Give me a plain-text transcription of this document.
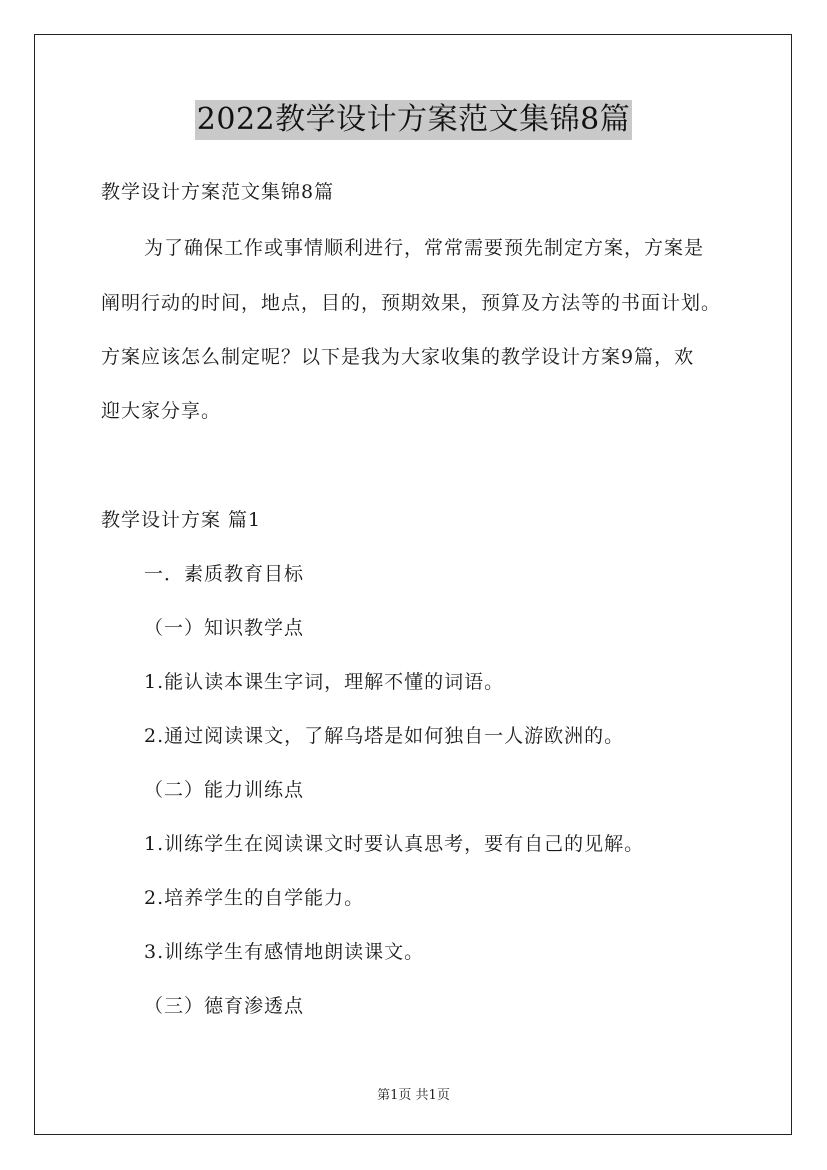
2022教学设计方案范文集锦8篇
教学设计方案范文集锦8篇
为了确保工作或事情顺利进行，常常需要预先制定方案，方案是
阐明行动的时间，地点，目的，预期效果，预算及方法等的书面计划。
方案应该怎么制定呢？以下是我为大家收集的教学设计方案9篇，欢
迎大家分享。
教学设计方案 篇1
一．素质教育目标
（一）知识教学点
1.能认读本课生字词，理解不懂的词语。
2.通过阅读课文，了解乌塔是如何独自一人游欧洲的。
（二）能力训练点
1.训练学生在阅读课文时要认真思考，要有自己的见解。
2.培养学生的自学能力。
3.训练学生有感情地朗读课文。
（三）德育渗透点
第1页 共1页
